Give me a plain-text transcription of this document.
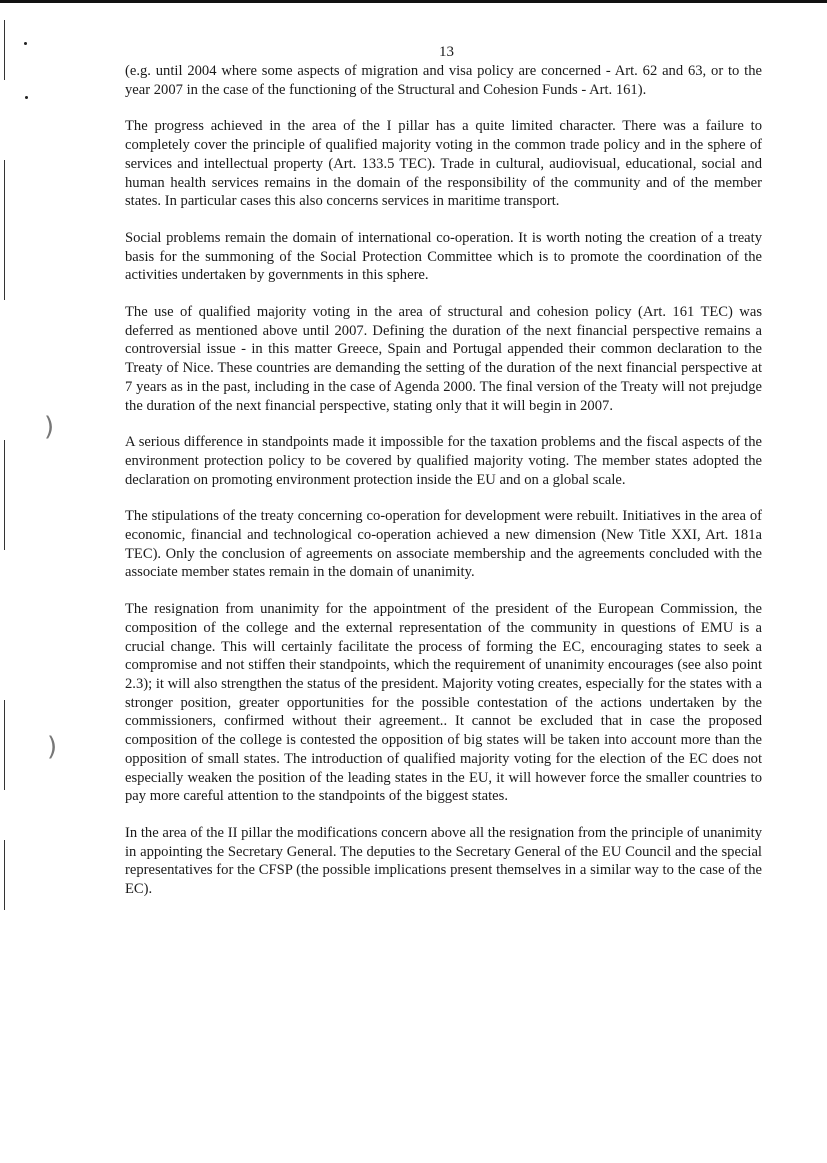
)
)
13

(e.g. until 2004 where some aspects of migration and visa policy are concerned - Art. 62 and 63, or to the year 2007 in the case of the functioning of the Structural and Cohesion Funds - Art. 161).

The progress achieved in the area of the I pillar has a quite limited character. There was a failure to completely cover the principle of qualified majority voting in the common trade policy and in the sphere of services and intellectual property (Art. 133.5 TEC). Trade in cultural, audiovisual, educational, social and human health services remains in the domain of the responsibility of the community and of the member states. In particular cases this also concerns services in maritime transport.

Social problems remain the domain of international co-operation. It is worth noting the creation of a treaty basis for the summoning of the Social Protection Committee which is to promote the coordination of the activities undertaken by governments in this sphere.

The use of qualified majority voting in the area of structural and cohesion policy (Art. 161 TEC) was deferred as mentioned above until 2007. Defining the duration of the next financial perspective remains a controversial issue - in this matter Greece, Spain and Portugal appended their common declaration to the Treaty of Nice. These countries are demanding the setting of the duration of the next financial perspective at 7 years as in the past, including in the case of Agenda 2000. The final version of the Treaty will not prejudge the duration of the next financial perspective, stating only that it will begin in 2007.

A serious difference in standpoints made it impossible for the taxation problems and the fiscal aspects of the environment protection policy to be covered by qualified majority voting. The member states adopted the declaration on promoting environment protection inside the EU and on a global scale.

The stipulations of the treaty concerning co-operation for development were rebuilt. Initiatives in the area of economic, financial and technological co-operation achieved a new dimension (New Title XXI, Art. 181a TEC). Only the conclusion of agreements on associate membership and the agreements concluded with the associate member states remain in the domain of unanimity.

The resignation from unanimity for the appointment of the president of the European Commission, the composition of the college and the external representation of the community in questions of EMU is a crucial change. This will certainly facilitate the process of forming the EC, encouraging states to seek a compromise and not stiffen their standpoints, which the requirement of unanimity encourages (see also point 2.3); it will also strengthen the status of the president. Majority voting creates, especially for the states with a stronger position, greater opportunities for the possible contestation of the actions undertaken by the commissioners, confirmed without their agreement.. It cannot be excluded that in case the proposed composition of the college is contested the opposition of big states will be taken into account more than the opposition of small states. The introduction of qualified majority voting for the election of the EC does not especially weaken the position of the leading states in the EU, it will however force the smaller countries to pay more careful attention to the standpoints of the biggest states.

In the area of the II pillar the modifications concern above all the resignation from the principle of unanimity in appointing the Secretary General. The deputies to the Secretary General of the EU Council and the special representatives for the CFSP (the possible implications present themselves in a similar way to the case of the EC).
